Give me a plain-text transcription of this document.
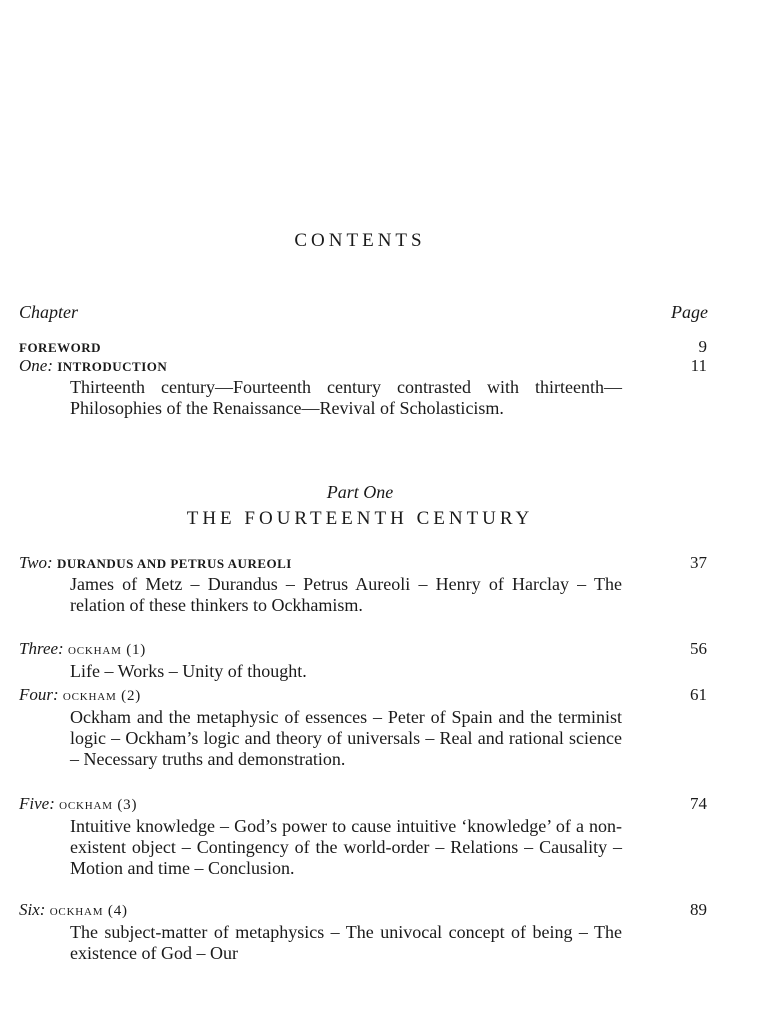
CONTENTS
Chapter	Page
FOREWORD	9
One: INTRODUCTION	11
Thirteenth century—Fourteenth century contrasted with thirteenth—Philosophies of the Renaissance—Revival of Scholasticism.
Part One
THE FOURTEENTH CENTURY
Two: DURANDUS AND PETRUS AUREOLI	37
James of Metz – Durandus – Petrus Aureoli – Henry of Harclay – The relation of these thinkers to Ockhamism.
Three: ockham (1)	56
Life – Works – Unity of thought.
Four: ockham (2)	61
Ockham and the metaphysic of essences – Peter of Spain and the terminist logic – Ockham’s logic and theory of universals – Real and rational science – Necessary truths and demonstration.
Five: ockham (3)	74
Intuitive knowledge – God’s power to cause intuitive ‘knowledge’ of a non-existent object – Contingency of the world-order – Relations – Causality – Motion and time – Conclusion.
Six: ockham (4)	89
The subject-matter of metaphysics – The univocal concept of being – The existence of God – Our
